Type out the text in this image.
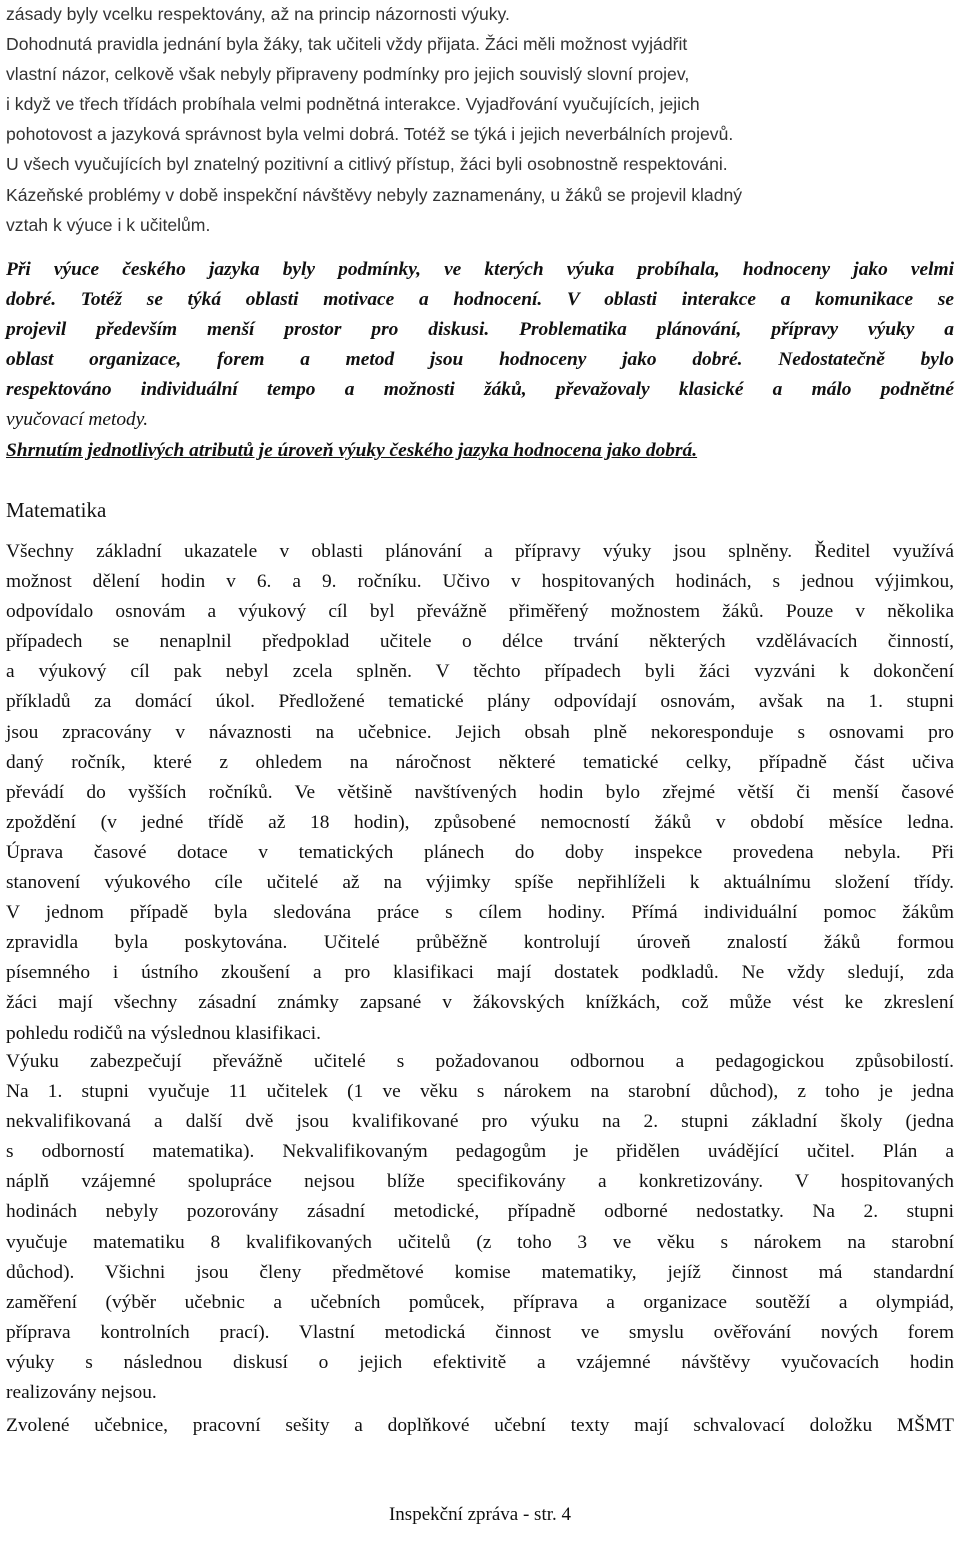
zásady byly vcelku respektovány, až na princip názornosti výuky.
Dohodnutá pravidla jednání byla žáky, tak učiteli vždy přijata. Žáci měli možnost vyjádřit
vlastní názor, celkově však nebyly připraveny podmínky pro jejich souvislý slovní projev,
i když ve třech třídách probíhala velmi podnětná interakce. Vyjadřování vyučujících, jejich
pohotovost a jazyková správnost byla velmi dobrá. Totéž se týká i jejich neverbálních projevů.
U všech vyučujících byl znatelný pozitivní a citlivý přístup, žáci byli osobnostně respektováni.
Kázeňské problémy v době inspekční návštěvy nebyly zaznamenány, u žáků se projevil kladný
vztah k výuce i k učitelům.
Při výuce českého jazyka byly podmínky, ve kterých výuka probíhala, hodnoceny jako velmi
dobré. Totéž se týká oblasti motivace a hodnocení. V oblasti interakce a komunikace se
projevil především menší prostor pro diskusi. Problematika plánování, přípravy výuky a
oblast organizace, forem a metod jsou hodnoceny jako dobré. Nedostatečně bylo
respektováno individuální tempo a možnosti žáků, převažovaly klasické a málo podnětné
vyučovací metody.
Shrnutím jednotlivých atributů je úroveň výuky českého jazyka hodnocena jako dobrá.
Matematika
Všechny základní ukazatele v oblasti plánování a přípravy výuky jsou splněny. Ředitel využívá
možnost dělení hodin v 6. a 9. ročníku. Učivo v hospitovaných hodinách, s jednou výjimkou,
odpovídalo osnovám a výukový cíl byl převážně přiměřený možnostem žáků. Pouze v několika
případech se nenaplnil předpoklad učitele o délce trvání některých vzdělávacích činností,
a výukový cíl pak nebyl zcela splněn. V těchto případech byli žáci vyzváni k dokončení
příkladů za domácí úkol. Předložené tematické plány odpovídají osnovám, avšak na 1. stupni
jsou zpracovány v návaznosti na učebnice. Jejich obsah plně nekoresponduje s osnovami pro
daný ročník, které z ohledem na náročnost některé tematické celky, případně část učiva
převádí do vyšších ročníků. Ve většině navštívených hodin bylo zřejmé větší či menší časové
zpoždění (v jedné třídě až 18 hodin), způsobené nemocností žáků v období měsíce ledna.
Úprava časové dotace v tematických plánech do doby inspekce provedena nebyla. Při
stanovení výukového cíle učitelé až na výjimky spíše nepřihlíželi k aktuálnímu složení třídy.
V jednom případě byla sledována práce s cílem hodiny. Přímá individuální pomoc žákům
zpravidla byla poskytována. Učitelé průběžně kontrolují úroveň znalostí žáků formou
písemného i ústního zkoušení a pro klasifikaci mají dostatek podkladů. Ne vždy sledují, zda
žáci mají všechny zásadní známky zapsané v žákovských knížkách, což může vést ke zkreslení
pohledu rodičů na výslednou klasifikaci.
Výuku zabezpečují převážně učitelé s požadovanou odbornou a pedagogickou způsobilostí.
Na 1. stupni vyučuje 11 učitelek (1 ve věku s nárokem na starobní důchod), z toho je jedna
nekvalifikovaná a další dvě jsou kvalifikované pro výuku na 2. stupni základní školy (jedna
s odborností matematika). Nekvalifikovaným pedagogům je přidělen uvádějící učitel. Plán a
náplň vzájemné spolupráce nejsou blíže specifikovány a konkretizovány. V hospitovaných
hodinách nebyly pozorovány zásadní metodické, případně odborné nedostatky. Na 2. stupni
vyučuje matematiku 8 kvalifikovaných učitelů (z toho 3 ve věku s nárokem na starobní
důchod). Všichni jsou členy předmětové komise matematiky, jejíž činnost má standardní
zaměření (výběr učebnic a učebních pomůcek, příprava a organizace soutěží a olympiád,
příprava kontrolních prací). Vlastní metodická činnost ve smyslu ověřování nových forem
výuky s následnou diskusí o jejich efektivitě a vzájemné návštěvy vyučovacích hodin
realizovány nejsou.
Zvolené učebnice, pracovní sešity a doplňkové učební texty mají schvalovací doložku MŠMT
Inspekční zpráva - str. 4
